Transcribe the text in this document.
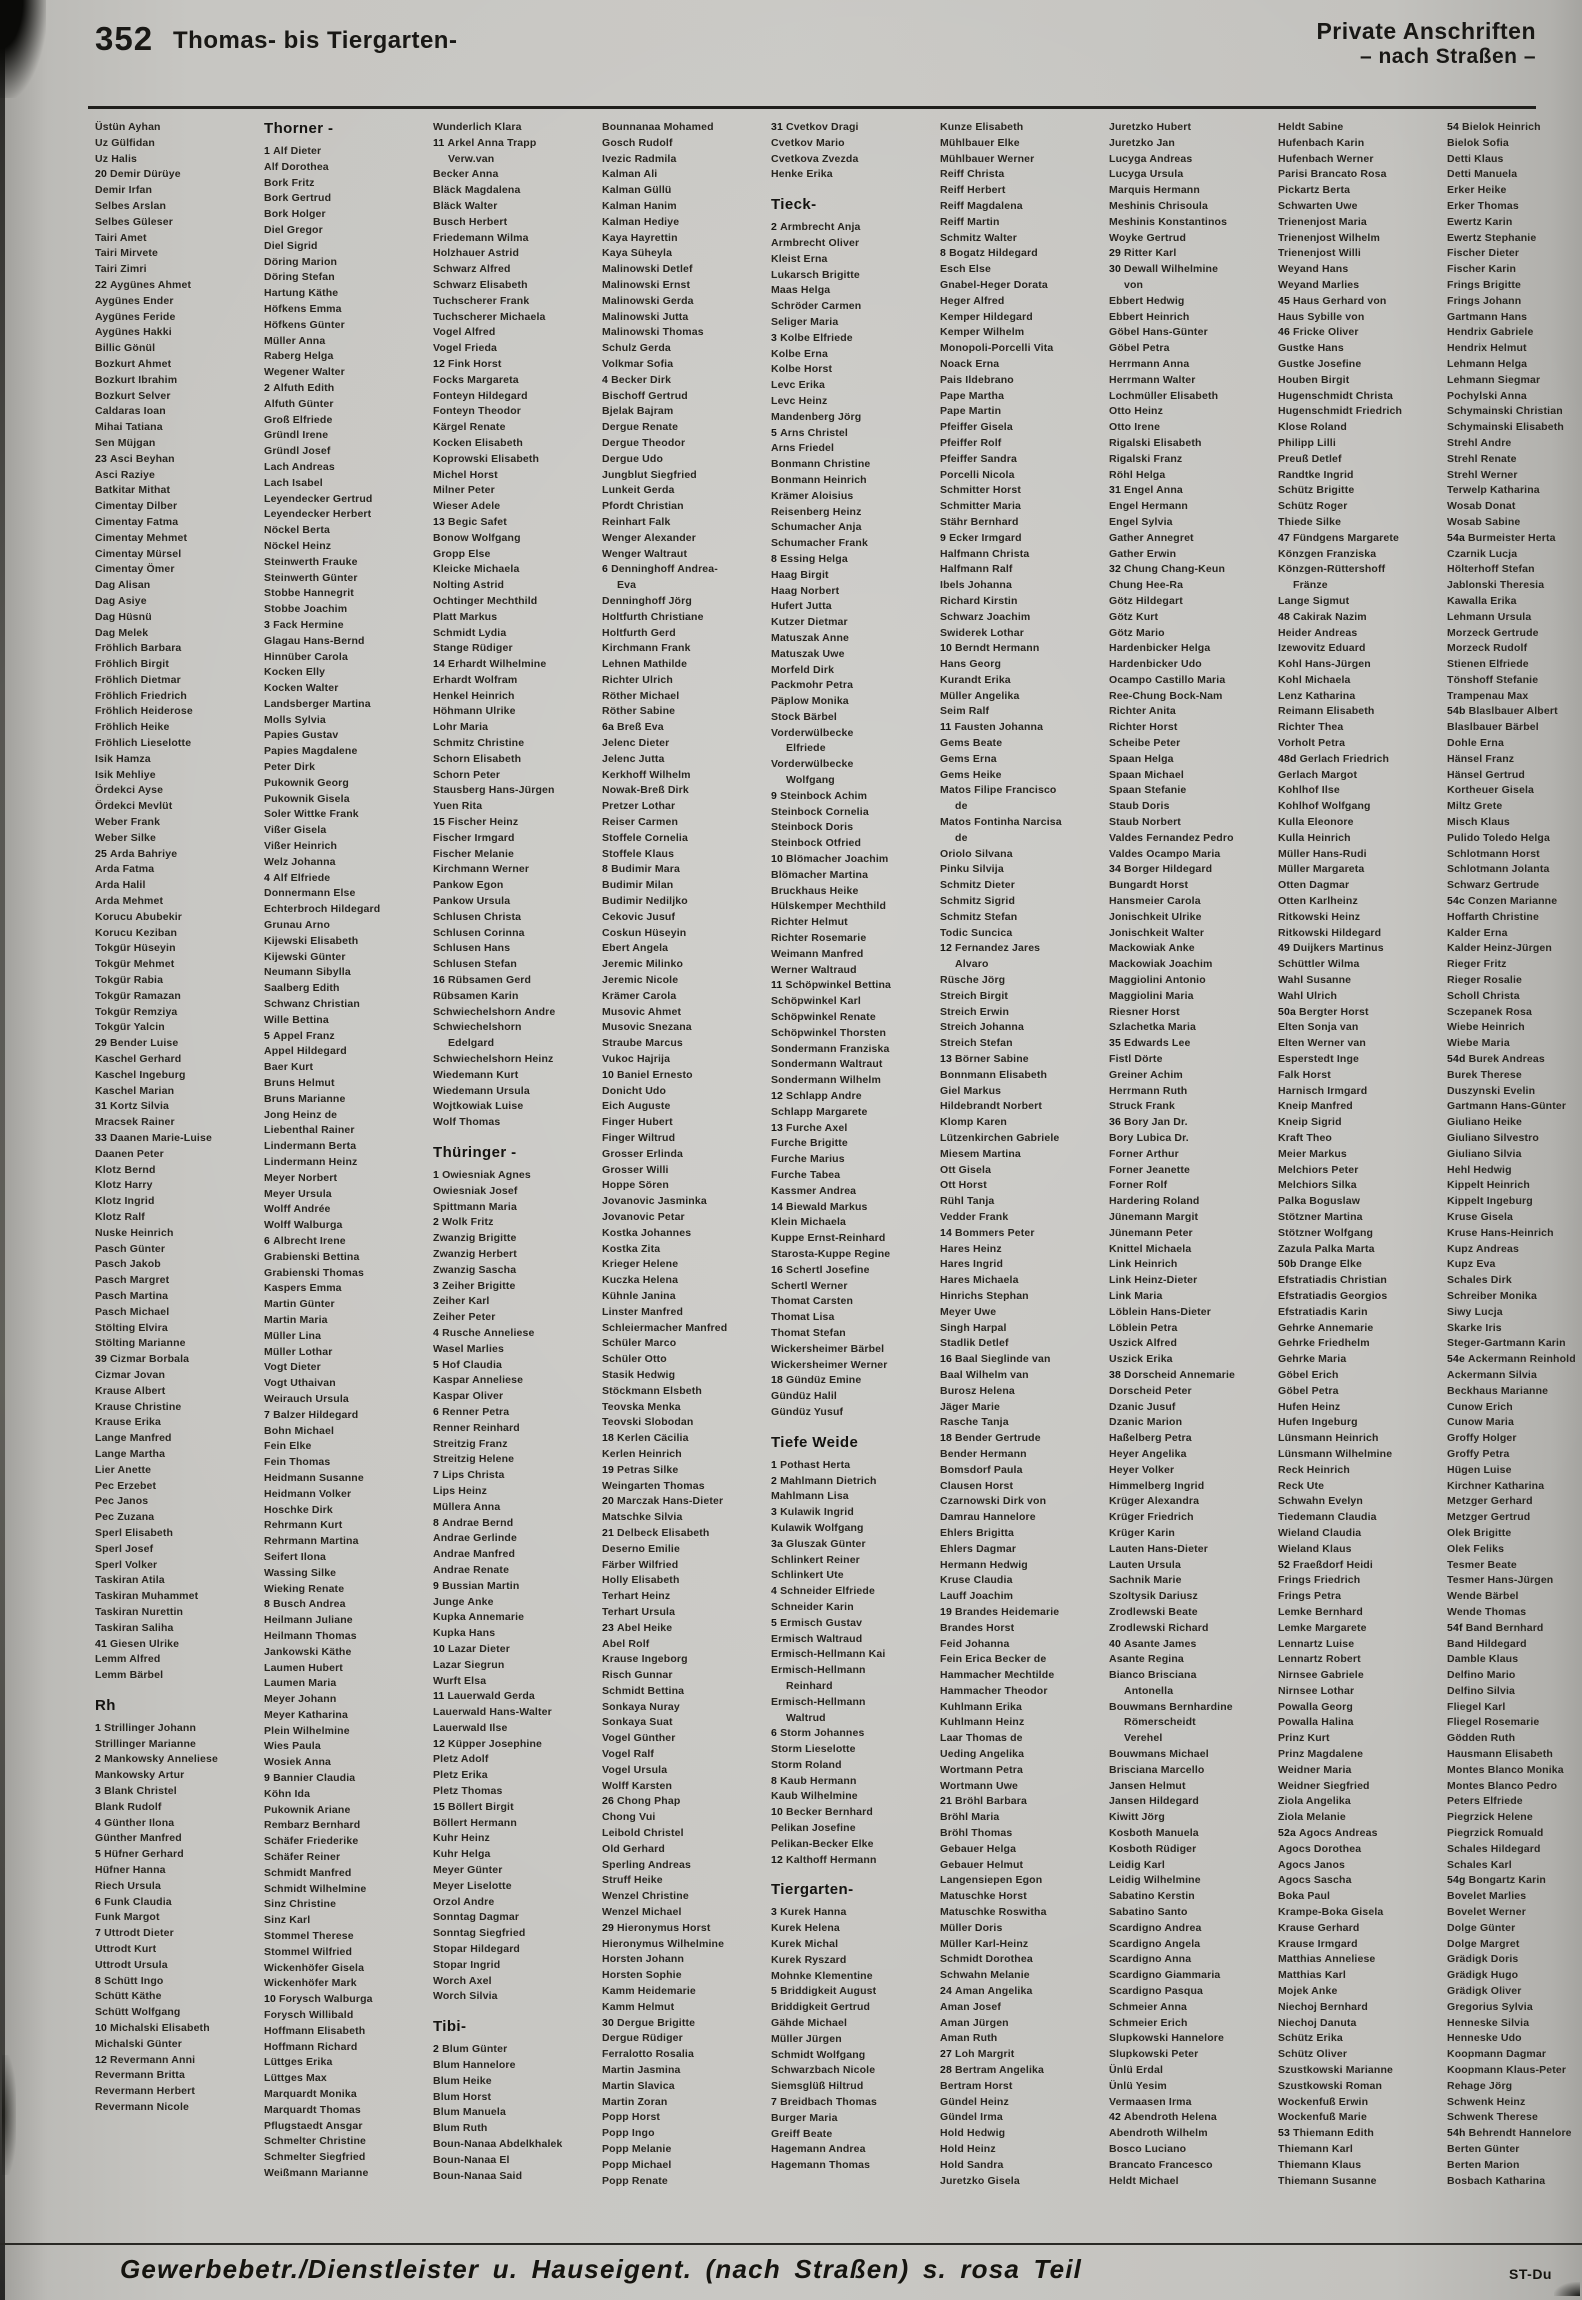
352 Thomas- bis Tiergarten-	Private Anschriften
– nach Straßen –
Üstün Ayhan
Uz Gülfidan
Uz Halis
20 Demir Dürüye
Demir Irfan
Selbes Arslan
Selbes Güleser
Tairi Amet
Tairi Mirvete
Tairi Zimri
22 Aygünes Ahmet
Aygünes Ender
Aygünes Feride
Aygünes Hakki
Billic Gönül
Bozkurt Ahmet
Bozkurt Ibrahim
Bozkurt Selver
Caldaras Ioan
Mihai Tatiana
Sen Müjgan
23 Asci Beyhan
Asci Raziye
Batkitar Mithat
Cimentay Dilber
Cimentay Fatma
Cimentay Mehmet
Cimentay Mürsel
Cimentay Ömer
Dag Alisan
Dag Asiye
Dag Hüsnü
Dag Melek
Fröhlich Barbara
Fröhlich Birgit
Fröhlich Dietmar
Fröhlich Friedrich
Fröhlich Heiderose
Fröhlich Heike
Fröhlich Lieselotte
Isik Hamza
Isik Mehliye
Ördekci Ayse
Ördekci Mevlüt
Weber Frank
Weber Silke
25 Arda Bahriye
Arda Fatma
Arda Halil
Arda Mehmet
Korucu Abubekir
Korucu Keziban
Tokgür Hüseyin
Tokgür Mehmet
Tokgür Rabia
Tokgür Ramazan
Tokgür Remziya
Tokgür Yalcin
29 Bender Luise
Kaschel Gerhard
Kaschel Ingeburg
Kaschel Marian
31 Kortz Silvia
Mracsek Rainer
33 Daanen Marie-Luise
Daanen Peter
Klotz Bernd
Klotz Harry
Klotz Ingrid
Klotz Ralf
Nuske Heinrich
Pasch Günter
Pasch Jakob
Pasch Margret
Pasch Martina
Pasch Michael
Stölting Elvira
Stölting Marianne
39 Cizmar Borbala
Cizmar Jovan
Krause Albert
Krause Christine
Krause Erika
Lange Manfred
Lange Martha
Lier Anette
Pec Erzebet
Pec Janos
Pec Zuzana
Sperl Elisabeth
Sperl Josef
Sperl Volker
Taskiran Atila
Taskiran Muhammet
Taskiran Nurettin
Taskiran Saliha
41 Giesen Ulrike
Lemm Alfred
Lemm Bärbel
Rh
1 Strillinger Johann
Strillinger Marianne
2 Mankowsky Anneliese
Mankowsky Artur
3 Blank Christel
Blank Rudolf
4 Günther Ilona
Günther Manfred
5 Hüfner Gerhard
Hüfner Hanna
Riech Ursula
6 Funk Claudia
Funk Margot
7 Uttrodt Dieter
Uttrodt Kurt
Uttrodt Ursula
8 Schütt Ingo
Schütt Käthe
Schütt Wolfgang
10 Michalski Elisabeth
Michalski Günter
12 Revermann Anni
Revermann Britta
Revermann Herbert
Revermann Nicole
Thorner -
1 Alf Dieter
Alf Dorothea
Bork Fritz
Bork Gertrud
Bork Holger
Diel Gregor
Diel Sigrid
Döring Marion
Döring Stefan
Hartung Käthe
Höfkens Emma
Höfkens Günter
Müller Anna
Raberg Helga
Wegener Walter
2 Alfuth Edith
Alfuth Günter
Groß Elfriede
Gründl Irene
Gründl Josef
Lach Andreas
Lach Isabel
Leyendecker Gertrud
Leyendecker Herbert
Nöckel Berta
Nöckel Heinz
Steinwerth Frauke
Steinwerth Günter
Stobbe Hannegrit
Stobbe Joachim
3 Fack Hermine
Glagau Hans-Bernd
Hinnüber Carola
Kocken Elly
Kocken Walter
Landsberger Martina
Molls Sylvia
Papies Gustav
Papies Magdalene
Peter Dirk
Pukownik Georg
Pukownik Gisela
Soler Wittke Frank
Vißer Gisela
Vißer Heinrich
Welz Johanna
4 Alf Elfriede
Donnermann Else
Echterbroch Hildegard
Grunau Arno
Kijewski Elisabeth
Kijewski Günter
Neumann Sibylla
Saalberg Edith
Schwanz Christian
Wille Bettina
5 Appel Franz
Appel Hildegard
Baer Kurt
Bruns Helmut
Bruns Marianne
Jong Heinz de
Liebenthal Rainer
Lindermann Berta
Lindermann Heinz
Meyer Norbert
Meyer Ursula
Wolff Andrée
Wolff Walburga
6 Albrecht Irene
Grabienski Bettina
Grabienski Thomas
Kaspers Emma
Martin Günter
Martin Maria
Müller Lina
Müller Lothar
Vogt Dieter
Vogt Uthaivan
Weirauch Ursula
7 Balzer Hildegard
Bohn Michael
Fein Elke
Fein Thomas
Heidmann Susanne
Heidmann Volker
Hoschke Dirk
Rehrmann Kurt
Rehrmann Martina
Seifert Ilona
Wassing Silke
Wieking Renate
8 Busch Andrea
Heilmann Juliane
Heilmann Thomas
Jankowski Käthe
Laumen Hubert
Laumen Maria
Meyer Johann
Meyer Katharina
Plein Wilhelmine
Wies Paula
Wosiek Anna
9 Bannier Claudia
Köhn Ida
Pukownik Ariane
Rembarz Bernhard
Schäfer Friederike
Schäfer Reiner
Schmidt Manfred
Schmidt Wilhelmine
Sinz Christine
Sinz Karl
Stommel Therese
Stommel Wilfried
Wickenhöfer Gisela
Wickenhöfer Mark
10 Forysch Walburga
Forysch Willibald
Hoffmann Elisabeth
Hoffmann Richard
Lüttges Erika
Lüttges Max
Marquardt Monika
Marquardt Thomas
Pflugstaedt Ansgar
Schmelter Christine
Schmelter Siegfried
Weißmann Marianne
Wunderlich Klara
11 Arkel Anna Trapp
Verw.van
Becker Anna
Bläck Magdalena
Bläck Walter
Busch Herbert
Friedemann Wilma
Holzhauer Astrid
Schwarz Alfred
Schwarz Elisabeth
Tuchscherer Frank
Tuchscherer Michaela
Vogel Alfred
Vogel Frieda
12 Fink Horst
Focks Margareta
Fonteyn Hildegard
Fonteyn Theodor
Kärgel Renate
Kocken Elisabeth
Koprowski Elisabeth
Michel Horst
Milner Peter
Wieser Adele
13 Begic Safet
Bonow Wolfgang
Gropp Else
Kleicke Michaela
Nolting Astrid
Ochtinger Mechthild
Platt Markus
Schmidt Lydia
Stange Rüdiger
14 Erhardt Wilhelmine
Erhardt Wolfram
Henkel Heinrich
Höhmann Ulrike
Lohr Maria
Schmitz Christine
Schorn Elisabeth
Schorn Peter
Stausberg Hans-Jürgen
Yuen Rita
15 Fischer Heinz
Fischer Irmgard
Fischer Melanie
Kirchmann Werner
Pankow Egon
Pankow Ursula
Schlusen Christa
Schlusen Corinna
Schlusen Hans
Schlusen Stefan
16 Rübsamen Gerd
Rübsamen Karin
Schwiechelshorn Andre
Schwiechelshorn
Edelgard
Schwiechelshorn Heinz
Wiedemann Kurt
Wiedemann Ursula
Wojtkowiak Luise
Wolf Thomas
Thüringer -
1 Owiesniak Agnes
Owiesniak Josef
Spittmann Maria
2 Wolk Fritz
Zwanzig Brigitte
Zwanzig Herbert
Zwanzig Sascha
3 Zeiher Brigitte
Zeiher Karl
Zeiher Peter
4 Rusche Anneliese
Wasel Marlies
5 Hof Claudia
Kaspar Anneliese
Kaspar Oliver
6 Renner Petra
Renner Reinhard
Streitzig Franz
Streitzig Helene
7 Lips Christa
Lips Heinz
Müllera Anna
8 Andrae Bernd
Andrae Gerlinde
Andrae Manfred
Andrae Renate
9 Bussian Martin
Junge Anke
Kupka Annemarie
Kupka Hans
10 Lazar Dieter
Lazar Siegrun
Wurft Elsa
11 Lauerwald Gerda
Lauerwald Hans-Walter
Lauerwald Ilse
12 Küpper Josephine
Pletz Adolf
Pletz Erika
Pletz Thomas
15 Böllert Birgit
Böllert Hermann
Kuhr Heinz
Kuhr Helga
Meyer Günter
Meyer Liselotte
Orzol Andre
Sonntag Dagmar
Sonntag Siegfried
Stopar Hildegard
Stopar Ingrid
Worch Axel
Worch Silvia
Tibi-
2 Blum Günter
Blum Hannelore
Blum Heike
Blum Horst
Blum Manuela
Blum Ruth
Boun-Nanaa Abdelkhalek
Boun-Nanaa El
Boun-Nanaa Said
Bounnanaa Mohamed
Gosch Rudolf
Ivezic Radmila
Kalman Ali
Kalman Güllü
Kalman Hanim
Kalman Hediye
Kaya Hayrettin
Kaya Süheyla
Malinowski Detlef
Malinowski Ernst
Malinowski Gerda
Malinowski Jutta
Malinowski Thomas
Schulz Gerda
Volkmar Sofia
4 Becker Dirk
Bischoff Gertrud
Bjelak Bajram
Dergue Renate
Dergue Theodor
Dergue Udo
Jungblut Siegfried
Lunkeit Gerda
Pfordt Christian
Reinhart Falk
Wenger Alexander
Wenger Waltraut
6 Denninghoff Andrea-
Eva
Denninghoff Jörg
Holtfurth Christiane
Holtfurth Gerd
Kirchmann Frank
Lehnen Mathilde
Richter Ulrich
Röther Michael
Röther Sabine
6a Breß Eva
Jelenc Dieter
Jelenc Jutta
Kerkhoff Wilhelm
Nowak-Breß Dirk
Pretzer Lothar
Reiser Carmen
Stoffele Cornelia
Stoffele Klaus
8 Budimir Mara
Budimir Milan
Budimir Nediljko
Cekovic Jusuf
Coskun Hüseyin
Ebert Angela
Jeremic Milinko
Jeremic Nicole
Krämer Carola
Musovic Ahmet
Musovic Snezana
Straube Marcus
Vukoc Hajrija
10 Baniel Ernesto
Donicht Udo
Eich Auguste
Finger Hubert
Finger Wiltrud
Grosser Erlinda
Grosser Willi
Hoppe Sören
Jovanovic Jasminka
Jovanovic Petar
Kostka Johannes
Kostka Zita
Krieger Helene
Kuczka Helena
Kühnle Janina
Linster Manfred
Schleiermacher Manfred
Schüler Marco
Schüler Otto
Stasik Hedwig
Stöckmann Elsbeth
Teovska Menka
Teovski Slobodan
18 Kerlen Cäcilia
Kerlen Heinrich
19 Petras Silke
Weingarten Thomas
20 Marczak Hans-Dieter
Matschke Silvia
21 Delbeck Elisabeth
Deserno Emilie
Färber Wilfried
Holly Elisabeth
Terhart Heinz
Terhart Ursula
23 Abel Heike
Abel Rolf
Krause Ingeborg
Risch Gunnar
Schmidt Bettina
Sonkaya Nuray
Sonkaya Suat
Vogel Günther
Vogel Ralf
Vogel Ursula
Wolff Karsten
26 Chong Phap
Chong Vui
Leibold Christel
Old Gerhard
Sperling Andreas
Struff Heike
Wenzel Christine
Wenzel Michael
29 Hieronymus Horst
Hieronymus Wilhelmine
Horsten Johann
Horsten Sophie
Kamm Heidemarie
Kamm Helmut
30 Dergue Brigitte
Dergue Rüdiger
Ferralotto Rosalia
Martin Jasmina
Martin Slavica
Martin Zoran
Popp Horst
Popp Ingo
Popp Melanie
Popp Michael
Popp Renate
31 Cvetkov Dragi
Cvetkov Mario
Cvetkova Zvezda
Henke Erika
Tieck-
2 Armbrecht Anja
Armbrecht Oliver
Kleist Erna
Lukarsch Brigitte
Maas Helga
Schröder Carmen
Seliger Maria
3 Kolbe Elfriede
Kolbe Erna
Kolbe Horst
Levc Erika
Levc Heinz
Mandenberg Jörg
5 Arns Christel
Arns Friedel
Bonmann Christine
Bonmann Heinrich
Krämer Aloisius
Reisenberg Heinz
Schumacher Anja
Schumacher Frank
8 Essing Helga
Haag Birgit
Haag Norbert
Hufert Jutta
Kutzer Dietmar
Matuszak Anne
Matuszak Uwe
Morfeld Dirk
Packmohr Petra
Päplow Monika
Stock Bärbel
Vorderwülbecke
Elfriede
Vorderwülbecke
Wolfgang
9 Steinbock Achim
Steinbock Cornelia
Steinbock Doris
Steinbock Otfried
10 Blömacher Joachim
Blömacher Martina
Bruckhaus Heike
Hülskemper Mechthild
Richter Helmut
Richter Rosemarie
Weimann Manfred
Werner Waltraud
11 Schöpwinkel Bettina
Schöpwinkel Karl
Schöpwinkel Renate
Schöpwinkel Thorsten
Sondermann Franziska
Sondermann Waltraut
Sondermann Wilhelm
12 Schlapp Andre
Schlapp Margarete
13 Furche Axel
Furche Brigitte
Furche Marius
Furche Tabea
Kassmer Andrea
14 Biewald Markus
Klein Michaela
Kuppe Ernst-Reinhard
Starosta-Kuppe Regine
16 Schertl Josefine
Schertl Werner
Thomat Carsten
Thomat Lisa
Thomat Stefan
Wickersheimer Bärbel
Wickersheimer Werner
18 Gündüz Emine
Gündüz Halil
Gündüz Yusuf
Tiefe Weide
1 Pothast Herta
2 Mahlmann Dietrich
Mahlmann Lisa
3 Kulawik Ingrid
Kulawik Wolfgang
3a Gluszak Günter
Schlinkert Reiner
Schlinkert Ute
4 Schneider Elfriede
Schneider Karin
5 Ermisch Gustav
Ermisch Waltraud
Ermisch-Hellmann Kai
Ermisch-Hellmann
Reinhard
Ermisch-Hellmann
Waltrud
6 Storm Johannes
Storm Lieselotte
Storm Roland
8 Kaub Hermann
Kaub Wilhelmine
10 Becker Bernhard
Pelikan Josefine
Pelikan-Becker Elke
12 Kalthoff Hermann
Tiergarten-
3 Kurek Hanna
Kurek Helena
Kurek Michal
Kurek Ryszard
Mohnke Klementine
5 Briddigkeit August
Briddigkeit Gertrud
Gähde Michael
Müller Jürgen
Schmidt Wolfgang
Schwarzbach Nicole
Siemsglüß Hiltrud
7 Breidbach Thomas
Burger Maria
Greiff Beate
Hagemann Andrea
Hagemann Thomas
Kunze Elisabeth
Mühlbauer Elke
Mühlbauer Werner
Reiff Christa
Reiff Herbert
Reiff Magdalena
Reiff Martin
Schmitz Walter
8 Bogatz Hildegard
Esch Else
Gnabel-Heger Dorata
Heger Alfred
Kemper Hildegard
Kemper Wilhelm
Monopoli-Porcelli Vita
Noack Erna
Pais Ildebrano
Pape Martha
Pape Martin
Pfeiffer Gisela
Pfeiffer Rolf
Pfeiffer Sandra
Porcelli Nicola
Schmitter Horst
Schmitter Maria
Stähr Bernhard
9 Ecker Irmgard
Halfmann Christa
Halfmann Ralf
Ibels Johanna
Richard Kirstin
Schwarz Joachim
Swiderek Lothar
10 Berndt Hermann
Hans Georg
Kurandt Erika
Müller Angelika
Seim Ralf
11 Fausten Johanna
Gems Beate
Gems Erna
Gems Heike
Matos Filipe Francisco
de
Matos Fontinha Narcisa
de
Oriolo Silvana
Pinku Silvija
Schmitz Dieter
Schmitz Sigrid
Schmitz Stefan
Todic Suncica
12 Fernandez Jares
Alvaro
Rüsche Jörg
Streich Birgit
Streich Erwin
Streich Johanna
Streich Stefan
13 Börner Sabine
Bonnmann Elisabeth
Giel Markus
Hildebrandt Norbert
Klomp Karen
Lützenkirchen Gabriele
Miesem Martina
Ott Gisela
Ott Horst
Rühl Tanja
Vedder Frank
14 Bommers Peter
Hares Heinz
Hares Ingrid
Hares Michaela
Hinrichs Stephan
Meyer Uwe
Singh Harpal
Stadlik Detlef
16 Baal Sieglinde van
Baal Wilhelm van
Burosz Helena
Jäger Marie
Rasche Tanja
18 Bender Gertrude
Bender Hermann
Bomsdorf Paula
Clausen Horst
Czarnowski Dirk von
Damrau Hannelore
Ehlers Brigitta
Ehlers Dagmar
Hermann Hedwig
Kruse Claudia
Lauff Joachim
19 Brandes Heidemarie
Brandes Horst
Feid Johanna
Fein Erica Becker de
Hammacher Mechtilde
Hammacher Theodor
Kuhlmann Erika
Kuhlmann Heinz
Laar Thomas de
Ueding Angelika
Wortmann Petra
Wortmann Uwe
21 Bröhl Barbara
Bröhl Maria
Bröhl Thomas
Gebauer Helga
Gebauer Helmut
Langensiepen Egon
Matuschke Horst
Matuschke Roswitha
Müller Doris
Müller Karl-Heinz
Schmidt Dorothea
Schwahn Melanie
24 Aman Angelika
Aman Josef
Aman Jürgen
Aman Ruth
27 Loh Margrit
28 Bertram Angelika
Bertram Horst
Gündel Heinz
Gündel Irma
Hold Hedwig
Hold Heinz
Hold Sandra
Juretzko Gisela
Juretzko Hubert
Juretzko Jan
Lucyga Andreas
Lucyga Ursula
Marquis Hermann
Meshinis Chrisoula
Meshinis Konstantinos
Woyke Gertrud
29 Ritter Karl
30 Dewall Wilhelmine
von
Ebbert Hedwig
Ebbert Heinrich
Göbel Hans-Günter
Göbel Petra
Herrmann Anna
Herrmann Walter
Lochmüller Elisabeth
Otto Heinz
Otto Irene
Rigalski Elisabeth
Rigalski Franz
Röhl Helga
31 Engel Anna
Engel Hermann
Engel Sylvia
Gather Annegret
Gather Erwin
32 Chung Chang-Keun
Chung Hee-Ra
Götz Hildegart
Götz Kurt
Götz Mario
Hardenbicker Helga
Hardenbicker Udo
Ocampo Castillo Maria
Ree-Chung Bock-Nam
Richter Anita
Richter Horst
Scheibe Peter
Spaan Helga
Spaan Michael
Spaan Stefanie
Staub Doris
Staub Norbert
Valdes Fernandez Pedro
Valdes Ocampo Maria
34 Borger Hildegard
Bungardt Horst
Hansmeier Carola
Jonischkeit Ulrike
Jonischkeit Walter
Mackowiak Anke
Mackowiak Joachim
Maggiolini Antonio
Maggiolini Maria
Riesner Horst
Szlachetka Maria
35 Edwards Lee
Fistl Dörte
Greiner Achim
Herrmann Ruth
Struck Frank
36 Bory Jan Dr.
Bory Lubica Dr.
Forner Arthur
Forner Jeanette
Forner Rolf
Hardering Roland
Jünemann Margit
Jünemann Peter
Knittel Michaela
Link Heinrich
Link Heinz-Dieter
Link Maria
Löblein Hans-Dieter
Löblein Petra
Uszick Alfred
Uszick Erika
38 Dorscheid Annemarie
Dorscheid Peter
Dzanic Jusuf
Dzanic Marion
Haßelberg Petra
Heyer Angelika
Heyer Volker
Himmelberg Ingrid
Krüger Alexandra
Krüger Friedrich
Krüger Karin
Lauten Hans-Dieter
Lauten Ursula
Sachnik Marie
Szoltysik Dariusz
Zrodlewski Beate
Zrodlewski Richard
40 Asante James
Asante Regina
Bianco Brisciana
Antonella
Bouwmans Bernhardine
Römerscheidt
Verehel
Bouwmans Michael
Brisciana Marcello
Jansen Helmut
Jansen Hildegard
Kiwitt Jörg
Kosboth Manuela
Kosboth Rüdiger
Leidig Karl
Leidig Wilhelmine
Sabatino Kerstin
Sabatino Santo
Scardigno Andrea
Scardigno Angela
Scardigno Anna
Scardigno Giammaria
Scardigno Pasqua
Schmeier Anna
Schmeier Erich
Slupkowski Hannelore
Slupkowski Peter
Ünlü Erdal
Ünlü Yesim
Vermaasen Irma
42 Abendroth Helena
Abendroth Wilhelm
Bosco Luciano
Brancato Francesco
Heldt Michael
Heldt Sabine
Hufenbach Karin
Hufenbach Werner
Parisi Brancato Rosa
Pickartz Berta
Schwarten Uwe
Trienenjost Maria
Trienenjost Wilhelm
Trienenjost Willi
Weyand Hans
Weyand Marlies
45 Haus Gerhard von
Haus Sybille von
46 Fricke Oliver
Gustke Hans
Gustke Josefine
Houben Birgit
Hugenschmidt Christa
Hugenschmidt Friedrich
Klose Roland
Philipp Lilli
Preuß Detlef
Randtke Ingrid
Schütz Brigitte
Schütz Roger
Thiede Silke
47 Fündgens Margarete
Könzgen Franziska
Könzgen-Rüttershoff
Fränze
Lange Sigmut
48 Cakirak Nazim
Heider Andreas
Izewovitz Eduard
Kohl Hans-Jürgen
Kohl Michaela
Lenz Katharina
Reimann Elisabeth
Richter Thea
Vorholt Petra
48d Gerlach Friedrich
Gerlach Margot
Kohlhof Ilse
Kohlhof Wolfgang
Kulla Eleonore
Kulla Heinrich
Müller Hans-Rudi
Müller Margareta
Otten Dagmar
Otten Karlheinz
Ritkowski Heinz
Ritkowski Hildegard
49 Duijkers Martinus
Schüttler Wilma
Wahl Susanne
Wahl Ulrich
50a Bergter Horst
Elten Sonja van
Elten Werner van
Esperstedt Inge
Falk Horst
Harnisch Irmgard
Kneip Manfred
Kneip Sigrid
Kraft Theo
Meier Markus
Melchiors Peter
Melchiors Silka
Palka Boguslaw
Stötzner Martina
Stötzner Wolfgang
Zazula Palka Marta
50b Drange Elke
Efstratiadis Christian
Efstratiadis Georgios
Efstratiadis Karin
Gehrke Annemarie
Gehrke Friedhelm
Gehrke Maria
Göbel Erich
Göbel Petra
Hufen Heinz
Hufen Ingeburg
Lünsmann Heinrich
Lünsmann Wilhelmine
Reck Heinrich
Reck Ute
Schwahn Evelyn
Tiedemann Claudia
Wieland Claudia
Wieland Klaus
52 Fraeßdorf Heidi
Frings Friedrich
Frings Petra
Lemke Bernhard
Lemke Margarete
Lennartz Luise
Lennartz Robert
Nirnsee Gabriele
Nirnsee Lothar
Powalla Georg
Powalla Halina
Prinz Kurt
Prinz Magdalene
Weidner Maria
Weidner Siegfried
Ziola Angelika
Ziola Melanie
52a Agocs Andreas
Agocs Dorothea
Agocs Janos
Agocs Sascha
Boka Paul
Krampe-Boka Gisela
Krause Gerhard
Krause Irmgard
Matthias Anneliese
Matthias Karl
Mojek Anke
Niechoj Bernhard
Niechoj Danuta
Schütz Erika
Schütz Oliver
Szustkowski Marianne
Szustkowski Roman
Wockenfuß Erwin
Wockenfuß Marie
53 Thiemann Edith
Thiemann Karl
Thiemann Klaus
Thiemann Susanne
54 Bielok Heinrich
Bielok Sofia
Detti Klaus
Detti Manuela
Erker Heike
Erker Thomas
Ewertz Karin
Ewertz Stephanie
Fischer Dieter
Fischer Karin
Frings Brigitte
Frings Johann
Gartmann Hans
Hendrix Gabriele
Hendrix Helmut
Lehmann Helga
Lehmann Siegmar
Pochylski Anna
Schymainski Christian
Schymainski Elisabeth
Strehl Andre
Strehl Renate
Strehl Werner
Terwelp Katharina
Wosab Donat
Wosab Sabine
54a Burmeister Herta
Czarnik Lucja
Hölterhoff Stefan
Jablonski Theresia
Kawalla Erika
Lehmann Ursula
Morzeck Gertrude
Morzeck Rudolf
Stienen Elfriede
Tönshoff Stefanie
Trampenau Max
54b Blaslbauer Albert
Blaslbauer Bärbel
Dohle Erna
Hänsel Franz
Hänsel Gertrud
Kortheuer Gisela
Miltz Grete
Misch Klaus
Pulido Toledo Helga
Schlotmann Horst
Schlotmann Jolanta
Schwarz Gertrude
54c Conzen Marianne
Hoffarth Christine
Kalder Erna
Kalder Heinz-Jürgen
Rieger Fritz
Rieger Rosalie
Scholl Christa
Sczepanek Rosa
Wiebe Heinrich
Wiebe Maria
54d Burek Andreas
Burek Therese
Duszynski Evelin
Gartmann Hans-Günter
Giuliano Heike
Giuliano Silvestro
Giuliano Silvia
Hehl Hedwig
Kippelt Heinrich
Kippelt Ingeburg
Kruse Gisela
Kruse Hans-Heinrich
Kupz Andreas
Kupz Eva
Schales Dirk
Schreiber Monika
Siwy Lucja
Skarke Iris
Steger-Gartmann Karin
54e Ackermann Reinhold
Ackermann Silvia
Beckhaus Marianne
Cunow Erich
Cunow Maria
Groffy Holger
Groffy Petra
Hügen Luise
Kirchner Katharina
Metzger Gerhard
Metzger Gertrud
Olek Brigitte
Olek Feliks
Tesmer Beate
Tesmer Hans-Jürgen
Wende Bärbel
Wende Thomas
54f Band Bernhard
Band Hildegard
Damble Klaus
Delfino Mario
Delfino Silvia
Fliegel Karl
Fliegel Rosemarie
Gödden Ruth
Hausmann Elisabeth
Montes Blanco Monika
Montes Blanco Pedro
Peters Elfriede
Piegrzick Helene
Piegrzick Romuald
Schales Hildegard
Schales Karl
54g Bongartz Karin
Bovelet Marlies
Bovelet Werner
Dolge Günter
Dolge Margret
Grädigk Doris
Grädigk Hugo
Grädigk Oliver
Gregorius Sylvia
Henneske Silvia
Henneske Udo
Koopmann Dagmar
Koopmann Klaus-Peter
Rehage Jörg
Schwenk Heinz
Schwenk Therese
54h Behrendt Hannelore
Berten Günter
Berten Marion
Bosbach Katharina
Gewerbebetr./Dienstleister u. Hauseigent. (nach Straßen) s. rosa Teil	ST-Du
